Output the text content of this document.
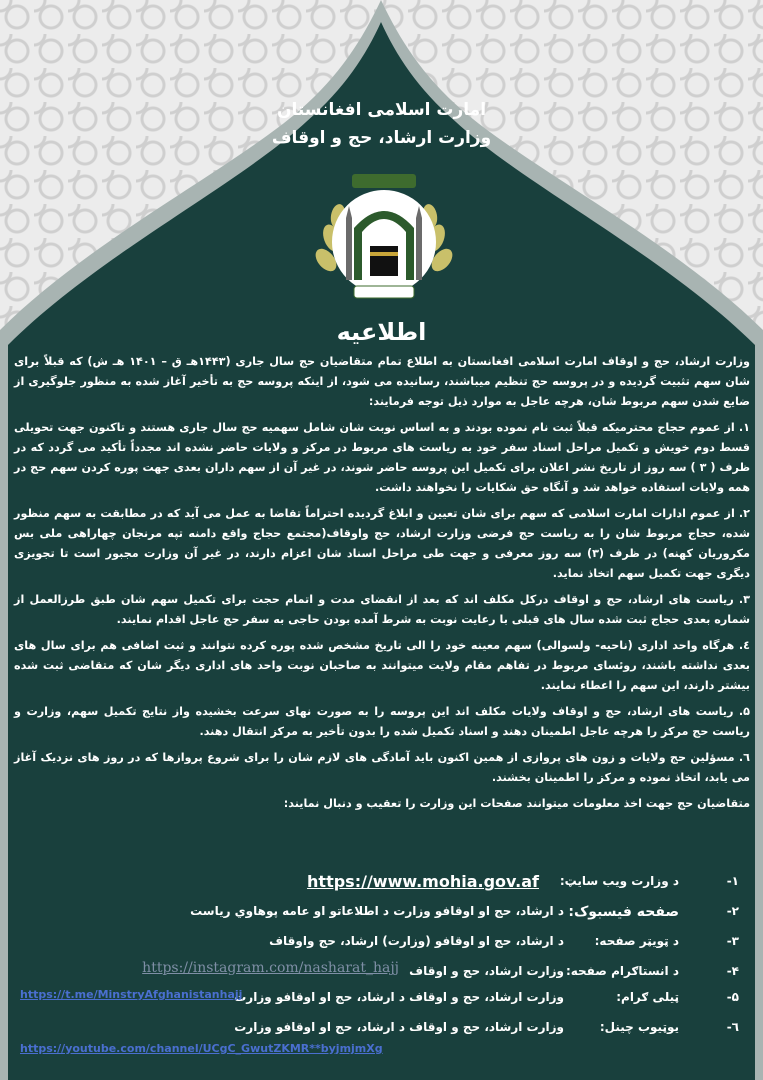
امارت اسلامی افغانستان
وزارت ارشاد، حج و اوقاف
اطلاعیه

وزارت ارشاد، حج و اوقاف امارت اسلامی افغانستان به اطلاع تمام متقاضیان حج سال جاری (۱۴۴۳هـ ق – ۱۴۰۱ هـ ش) که قبلاً برای شان سهم تثبیت گردیده و در پروسه حج تنظیم میباشند، رسانیده می شود، از اینکه پروسه حج به تأخیر آغاز شده به منظور جلوگیری از ضایع شدن سهم مربوط شان، هرچه عاجل به موارد ذیل توجه فرمایند:

۱. از عموم حجاج محترمیکه قبلاً ثبت نام نموده بودند و به اساس نوبت شان شامل سهمیه حج سال جاری هستند و تاکنون جهت تحویلی قسط دوم خویش و تکمیل مراحل اسناد سفر خود به ریاست های مربوط در مرکز و ولایات حاضر نشده اند مجدداً تأکید می گردد که در ظرف ( ۳ ) سه روز از تاریخ نشر اعلان برای تکمیل این پروسه حاضر شوند، در غیر آن از سهم داران بعدی جهت پوره کردن سهم حج در همه ولایات استفاده خواهد شد و آنگاه حق شکایات را نخواهند داشت.

۲. از عموم ادارات امارت اسلامی که سهم برای شان تعیین و ابلاغ گردیده احتراماً تقاضا به عمل می آید که در مطابقت به سهم منظور شده، حجاج مربوط شان را به ریاست حج فرضی وزارت ارشاد، حج واوقاف(مجتمع حجاج واقع دامنه تپه مرنجان چهاراهی ملی بس مکروریان کهنه) در ظرف (۳) سه روز معرفی و جهت طی مراحل اسناد شان اعزام دارند، در غیر آن وزارت مجبور است تا تجویزی دیگری جهت تکمیل سهم اتخاذ نماید.

۳. ریاست های ارشاد، حج و اوقاف درکل مکلف اند که بعد از انقضای مدت و اتمام حجت برای تکمیل سهم شان طبق طرزالعمل از شماره بعدی حجاج ثبت شده سال های قبلی با رعایت نوبت به شرط آمده بودن حاجی به سفر حج عاجل اقدام نمایند.

٤. هرگاه واحد اداری (ناحیه- ولسوالی) سهم معینه خود را الی تاریخ مشخص شده پوره کرده نتوانند و ثبت اضافی هم برای سال های بعدی نداشته باشند، روئسای مربوط در تفاهم مقام ولایت میتوانند به صاحبان نوبت واحد های اداری دیگر شان که متقاضی ثبت شده بیشتر دارند، این سهم را اعطاء نمایند.

۵. ریاست های ارشاد، حج و اوقاف ولایات مکلف اند این پروسه را به صورت نهای سرعت بخشیده واز نتایج تکمیل سهم، وزارت و ریاست حج مرکز را هرچه عاجل اطمینان دهند و اسناد تکمیل شده را بدون تأخیر به مرکز انتقال دهند.

٦. مسؤلین حج ولایات و زون های پروازی از همین اکنون باید آمادگی های لازم شان را برای شروع پروازها که در روز های نزدیک آغاز می یابد، اتخاذ نموده و مرکز را اطمینان بخشند.

متقاضیان حج جهت اخذ معلومات میتوانند صفحات این وزارت را تعقیب و دنبال نمایند:

۱-
د وزارت ویب سایټ:
https://www.mohia.gov.af
۲-
صفحه فیسبوک:
د ارشاد، حج او اوقافو وزارت د اطلاعاتو او عامه پوهاوي ریاست
۳-
د ټویټر صفحه:
د ارشاد، حج او اوقافو (وزارت) ارشاد، حج واوقاف
۴-
د انستاګرام صفحه:
وزارت ارشاد، حج و اوقاف
https://instagram.com/nasharat_hajj
۵-
ټیلی ګرام:
وزارت ارشاد، حج و اوقاف د ارشاد، حج او اوقافو وزارت
https://t.me/MinstryAfghanistanhajj
٦-
یوټیوب چینل:
وزارت ارشاد، حج و اوقاف د ارشاد، حج او اوقافو وزارت
https://youtube.com/channel/UCgC_GwutZKMR**byjmjmXg
